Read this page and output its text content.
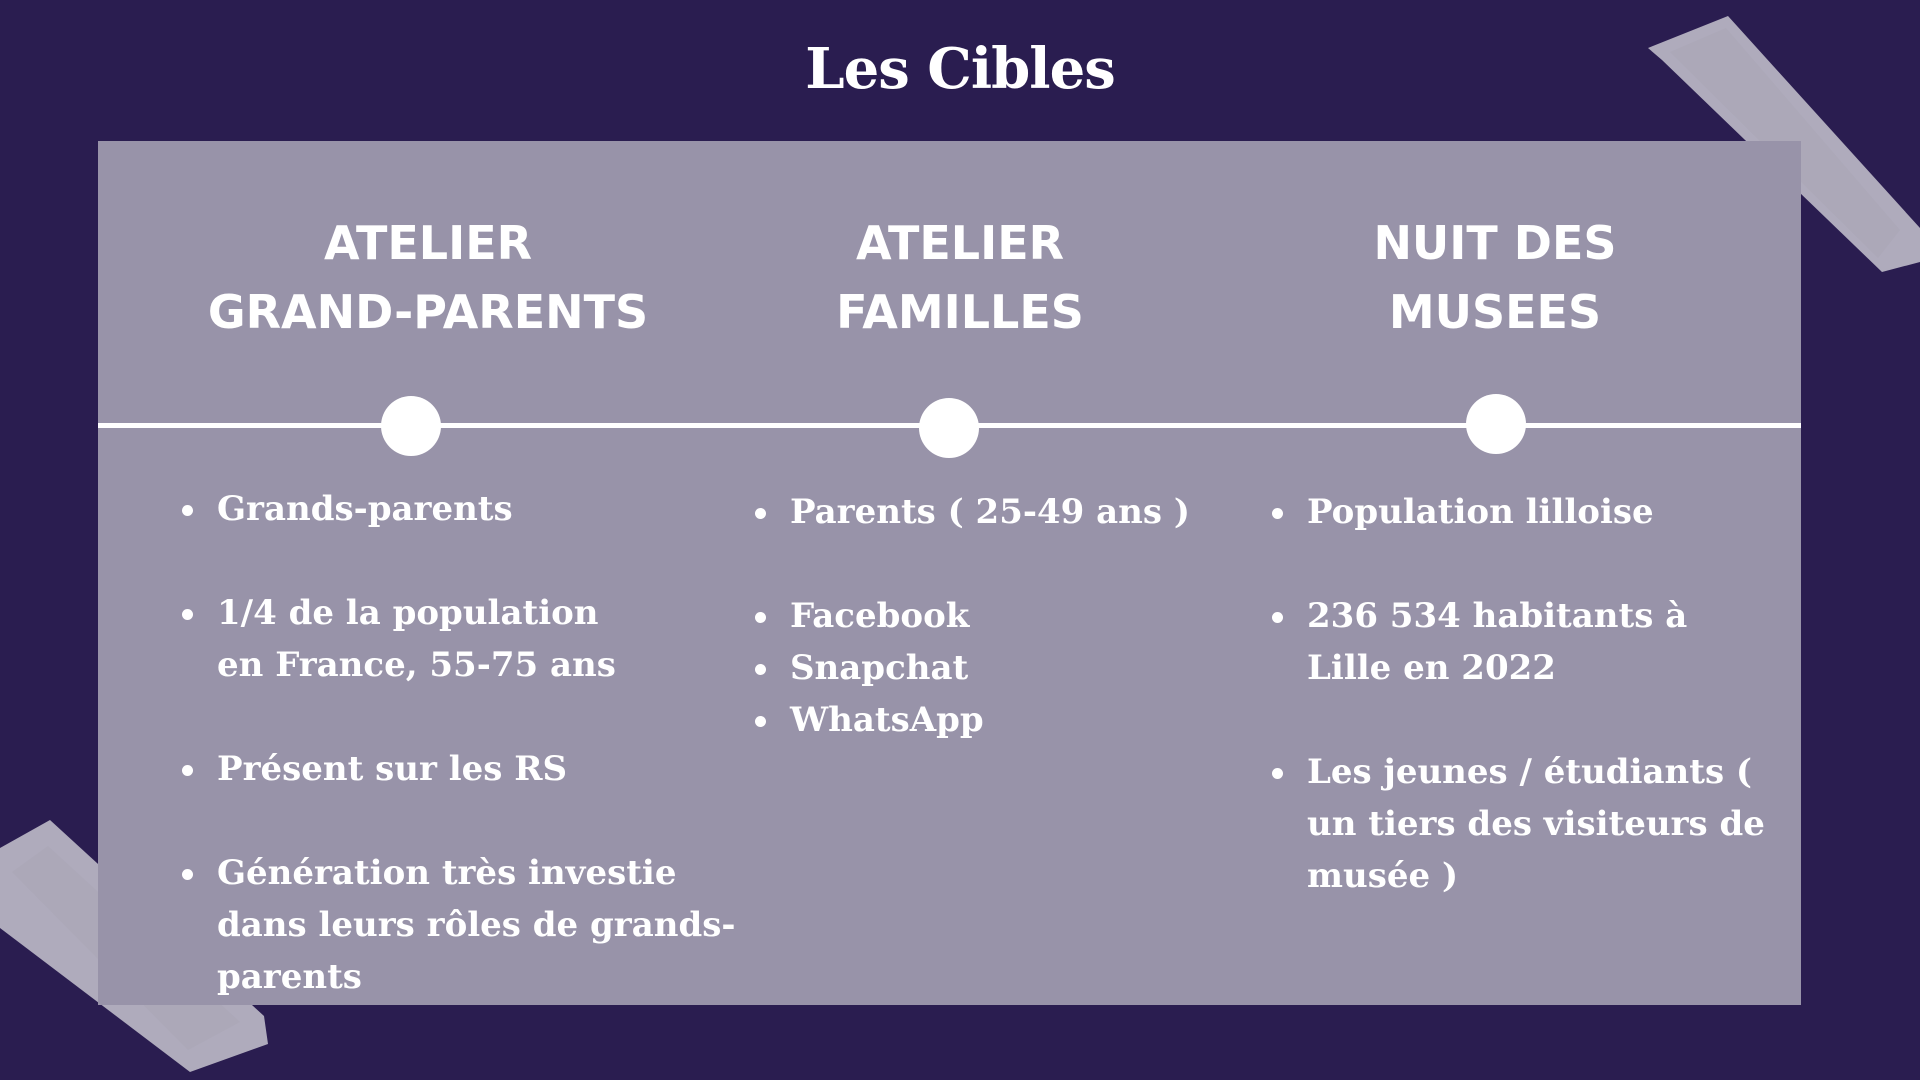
Les Cibles
ATELIER
GRAND-PARENTS
Grands-parents
1/4 de la population en France, 55-75 ans
Présent sur les RS
Génération très investie dans leurs rôles de grands-parents
ATELIER
FAMILLES
Parents ( 25-49 ans )
Facebook
Snapchat
WhatsApp
NUIT DES
MUSEES
Population lilloise
236 534 habitants à Lille en 2022
Les jeunes / étudiants ( un tiers des visiteurs de musée )
